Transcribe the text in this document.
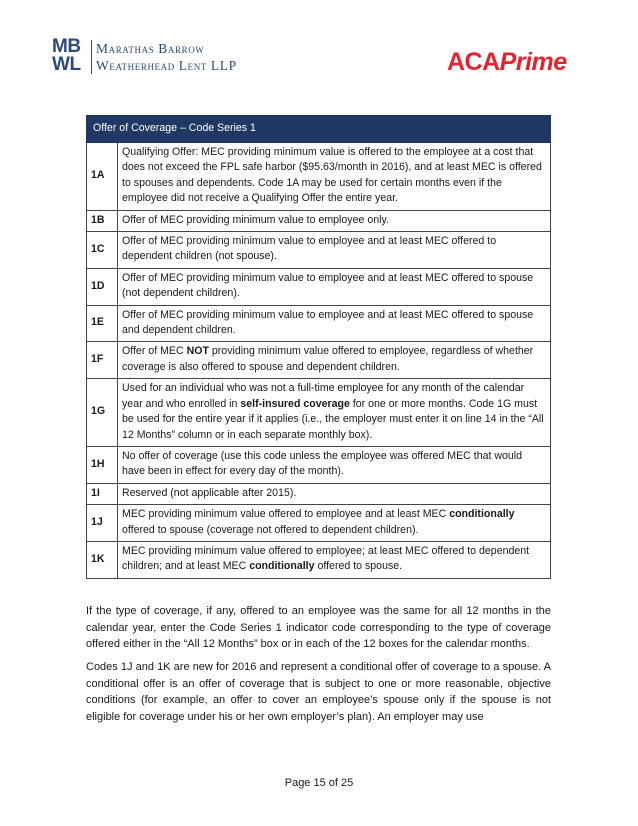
M B
W L
Marathas Barrow
Weatherhead Lent LLP	ACAPrime
Offer of Coverage – Code Series 1	
1A	Qualifying Offer: MEC providing minimum value is offered to the employee at a cost that does not exceed the FPL safe harbor ($95.63/month in 2016), and at least MEC is offered to spouses and dependents. Code 1A may be used for certain months even if the employee did not receive a Qualifying Offer the entire year.
1B	Offer of MEC providing minimum value to employee only.
1C	Offer of MEC providing minimum value to employee and at least MEC offered to dependent children (not spouse).
1D	Offer of MEC providing minimum value to employee and at least MEC offered to spouse (not dependent children).
1E	Offer of MEC providing minimum value to employee and at least MEC offered to spouse and dependent children.
1F	Offer of MEC NOT providing minimum value offered to employee, regardless of whether coverage is also offered to spouse and dependent children.
1G	Used for an individual who was not a full-time employee for any month of the calendar year and who enrolled in self-insured coverage for one or more months. Code 1G must be used for the entire year if it applies (i.e., the employer must enter it on line 14 in the “All 12 Months” column or in each separate monthly box).
1H	No offer of coverage (use this code unless the employee was offered MEC that would have been in effect for every day of the month).
1I	Reserved (not applicable after 2015).
1J	MEC providing minimum value offered to employee and at least MEC conditionally offered to spouse (coverage not offered to dependent children).
1K	MEC providing minimum value offered to employee; at least MEC offered to dependent children; and at least MEC conditionally offered to spouse.
If the type of coverage, if any, offered to an employee was the same for all 12 months in the calendar year, enter the Code Series 1 indicator code corresponding to the type of coverage offered either in the “All 12 Months” box or in each of the 12 boxes for the calendar months.
Codes 1J and 1K are new for 2016 and represent a conditional offer of coverage to a spouse. A conditional offer is an offer of coverage that is subject to one or more reasonable, objective conditions (for example, an offer to cover an employee’s spouse only if the spouse is not eligible for coverage under his or her own employer’s plan). An employer may use
Page 15 of 25
